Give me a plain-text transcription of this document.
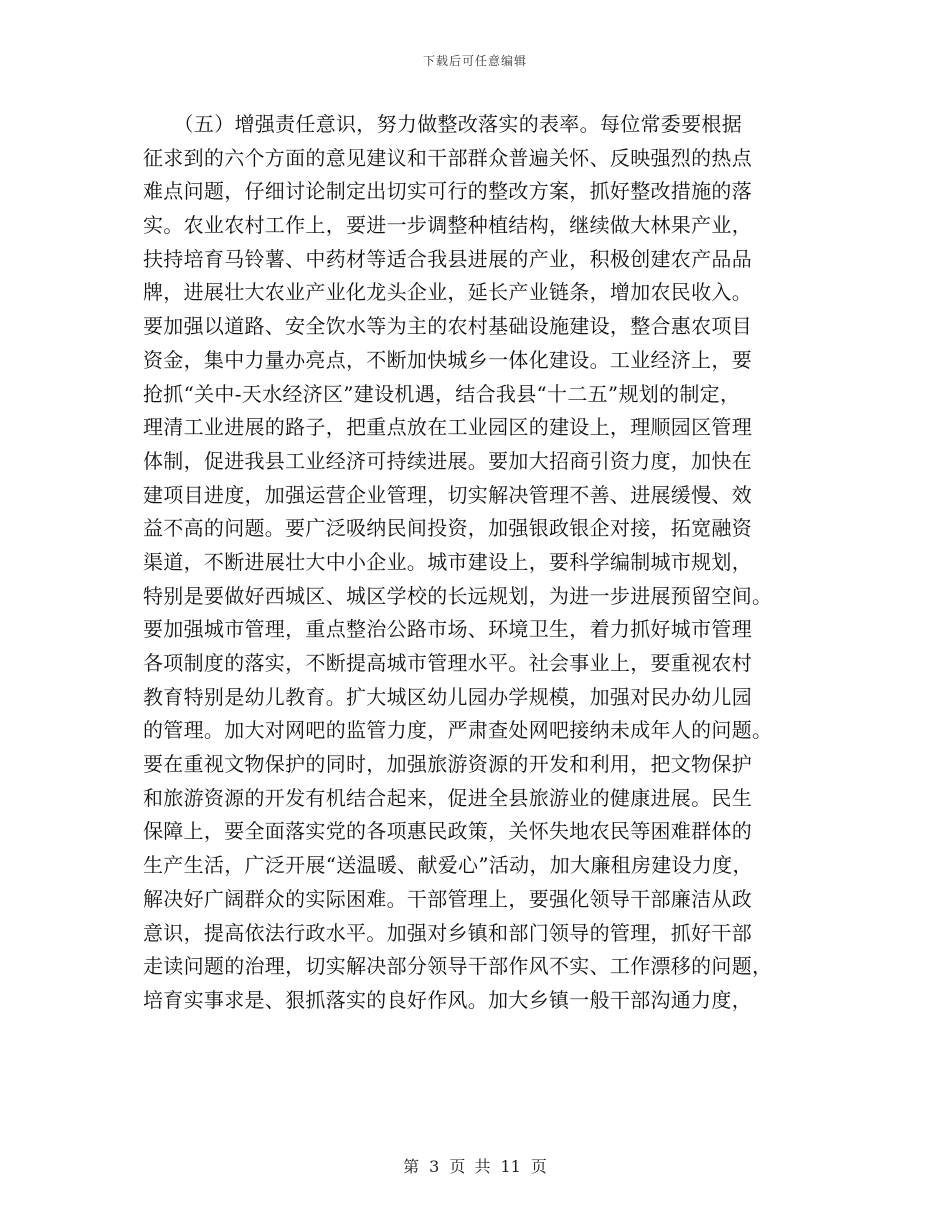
下载后可任意编辑
　　（五）增强责任意识，努力做整改落实的表率。每位常委要根据
征求到的六个方面的意见建议和干部群众普遍关怀、反映强烈的热点
难点问题，仔细讨论制定出切实可行的整改方案，抓好整改措施的落
实。农业农村工作上，要进一步调整种植结构，继续做大林果产业，
扶持培育马铃薯、中药材等适合我县进展的产业，积极创建农产品品
牌，进展壮大农业产业化龙头企业，延长产业链条，增加农民收入。
要加强以道路、安全饮水等为主的农村基础设施建设，整合惠农项目
资金，集中力量办亮点，不断加快城乡一体化建设。工业经济上，要
抢抓“关中-天水经济区”建设机遇，结合我县“十二五”规划的制定，
理清工业进展的路子，把重点放在工业园区的建设上，理顺园区管理
体制，促进我县工业经济可持续进展。要加大招商引资力度，加快在
建项目进度，加强运营企业管理，切实解决管理不善、进展缓慢、效
益不高的问题。要广泛吸纳民间投资，加强银政银企对接，拓宽融资
渠道，不断进展壮大中小企业。城市建设上，要科学编制城市规划，
特别是要做好西城区、城区学校的长远规划，为进一步进展预留空间。
要加强城市管理，重点整治公路市场、环境卫生，着力抓好城市管理
各项制度的落实，不断提高城市管理水平。社会事业上，要重视农村
教育特别是幼儿教育。扩大城区幼儿园办学规模，加强对民办幼儿园
的管理。加大对网吧的监管力度，严肃查处网吧接纳未成年人的问题。
要在重视文物保护的同时，加强旅游资源的开发和利用，把文物保护
和旅游资源的开发有机结合起来，促进全县旅游业的健康进展。民生
保障上，要全面落实党的各项惠民政策，关怀失地农民等困难群体的
生产生活，广泛开展“送温暖、献爱心”活动，加大廉租房建设力度，
解决好广阔群众的实际困难。干部管理上，要强化领导干部廉洁从政
意识，提高依法行政水平。加强对乡镇和部门领导的管理，抓好干部
走读问题的治理，切实解决部分领导干部作风不实、工作漂移的问题，
培育实事求是、狠抓落实的良好作风。加大乡镇一般干部沟通力度，
第 3 页 共 11 页
